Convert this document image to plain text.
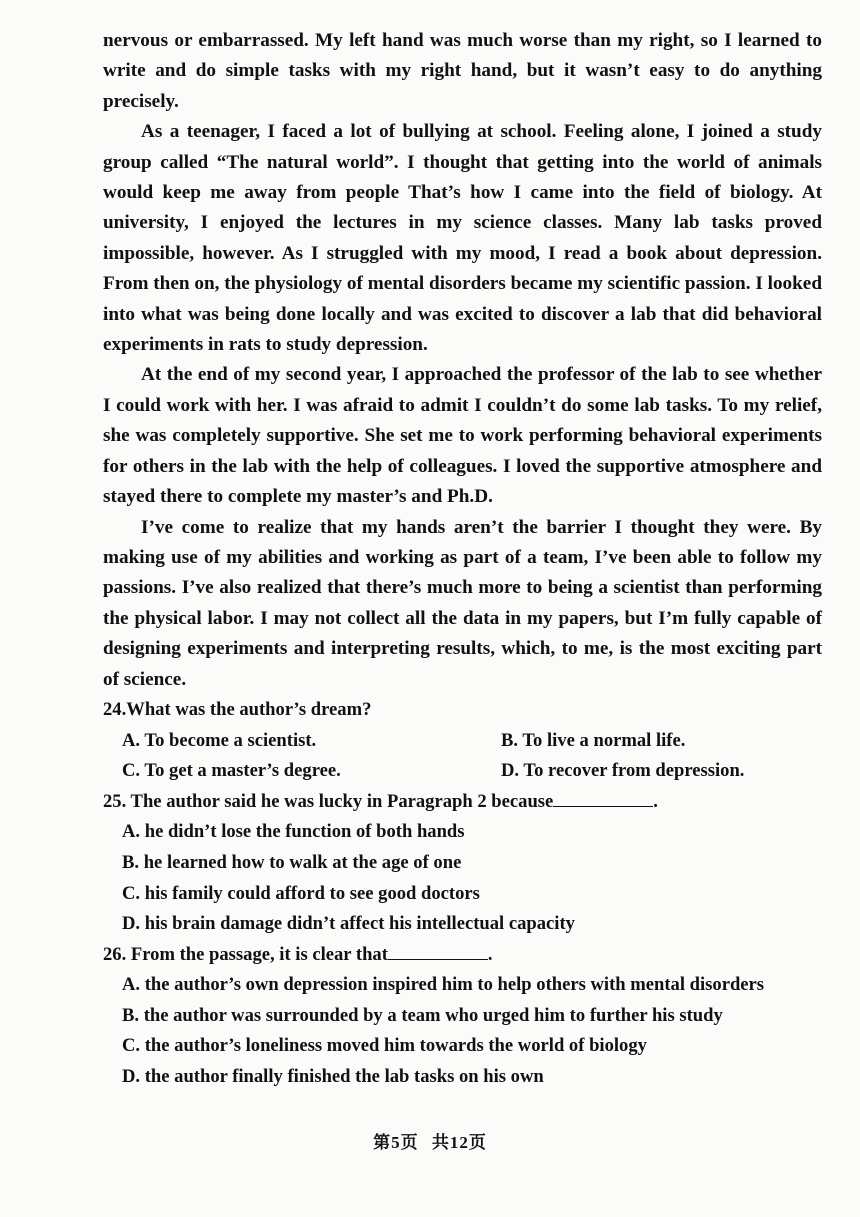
nervous or embarrassed. My left hand was much worse than my right, so I learned to write and do simple tasks with my right hand, but it wasn’t easy to do anything precisely.

As a teenager, I faced a lot of bullying at school. Feeling alone, I joined a study group called “The natural world”. I thought that getting into the world of animals would keep me away from people That’s how I came into the field of biology. At university, I enjoyed the lectures in my science classes. Many lab tasks proved impossible, however. As I struggled with my mood, I read a book about depression. From then on, the physiology of mental disorders became my scientific passion. I looked into what was being done locally and was excited to discover a lab that did behavioral experiments in rats to study depression.

At the end of my second year, I approached the professor of the lab to see whether I could work with her. I was afraid to admit I couldn’t do some lab tasks. To my relief, she was completely supportive. She set me to work performing behavioral experiments for others in the lab with the help of colleagues. I loved the supportive atmosphere and stayed there to complete my master’s and Ph.D.

I’ve come to realize that my hands aren’t the barrier I thought they were. By making use of my abilities and working as part of a team, I’ve been able to follow my passions. I’ve also realized that there’s much more to being a scientist than performing the physical labor. I may not collect all the data in my papers, but I’m fully capable of designing experiments and interpreting results, which, to me, is the most exciting part of science.

24.What was the author’s dream?

A. To become a scientist.	B. To live a normal life.

C. To get a master’s degree.	D. To recover from depression.

25. The author said he was lucky in Paragraph 2 because	.

A. he didn’t lose the function of both hands

B. he learned how to walk at the age of one

C. his family could afford to see good doctors

D. his brain damage didn’t affect his intellectual capacity

26. From the passage, it is clear that	.

A. the author’s own depression inspired him to help others with mental disorders

B. the author was surrounded by a team who urged him to further his study

C. the author’s loneliness moved him towards the world of biology

D. the author finally finished the lab tasks on his own

第5页 共12页
